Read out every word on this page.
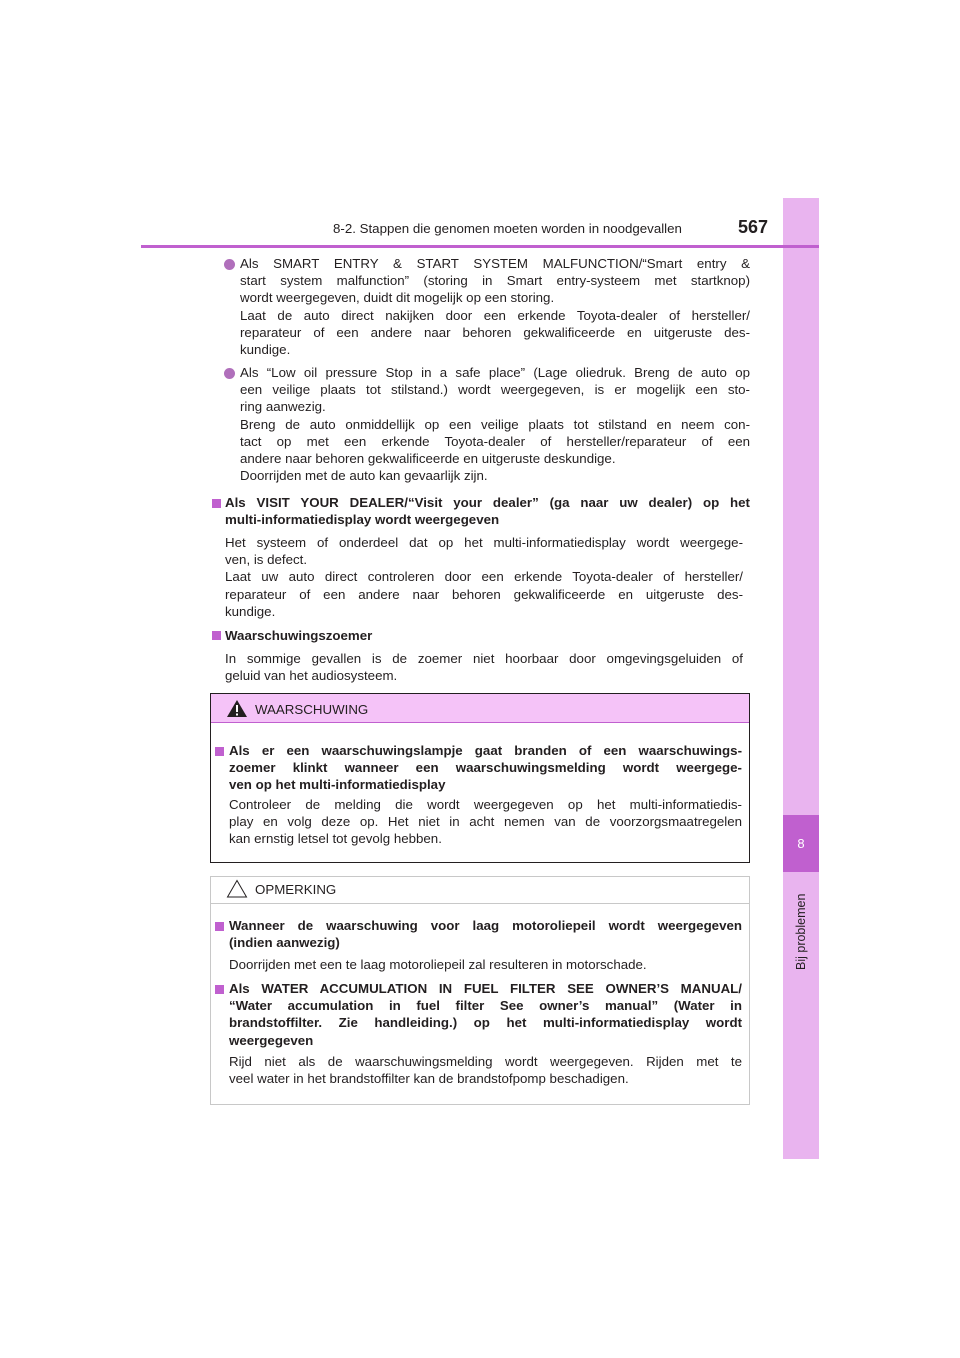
8
Bij problemen
8-2. Stappen die genomen moeten worden in noodgevallen	567
Als SMART ENTRY & START SYSTEM MALFUNCTION/“Smart entry &
start system malfunction” (storing in Smart entry-systeem met startknop)
wordt weergegeven, duidt dit mogelijk op een storing.
Laat de auto direct nakijken door een erkende Toyota-dealer of hersteller/
reparateur of een andere naar behoren gekwalificeerde en uitgeruste des-
kundige.
Als “Low oil pressure Stop in a safe place” (Lage oliedruk. Breng de auto op
een veilige plaats tot stilstand.) wordt weergegeven, is er mogelijk een sto-
ring aanwezig.
Breng de auto onmiddellijk op een veilige plaats tot stilstand en neem con-
tact op met een erkende Toyota-dealer of hersteller/reparateur of een
andere naar behoren gekwalificeerde en uitgeruste deskundige.
Doorrijden met de auto kan gevaarlijk zijn.
Als VISIT YOUR DEALER/“Visit your dealer” (ga naar uw dealer) op het
multi-informatiedisplay wordt weergegeven
Het systeem of onderdeel dat op het multi-informatiedisplay wordt weergege-
ven, is defect.
Laat uw auto direct controleren door een erkende Toyota-dealer of hersteller/
reparateur of een andere naar behoren gekwalificeerde en uitgeruste des-
kundige.
Waarschuwingszoemer
In sommige gevallen is de zoemer niet hoorbaar door omgevingsgeluiden of
geluid van het audiosysteem.
WAARSCHUWING
Als er een waarschuwingslampje gaat branden of een waarschuwings-
zoemer klinkt wanneer een waarschuwingsmelding wordt weergege-
ven op het multi-informatiedisplay
Controleer de melding die wordt weergegeven op het multi-informatiedis-
play en volg deze op. Het niet in acht nemen van de voorzorgsmaatregelen
kan ernstig letsel tot gevolg hebben.
OPMERKING
Wanneer de waarschuwing voor laag motoroliepeil wordt weergegeven
(indien aanwezig)
Doorrijden met een te laag motoroliepeil zal resulteren in motorschade.
Als WATER ACCUMULATION IN FUEL FILTER SEE OWNER’S MANUAL/
“Water accumulation in fuel filter See owner’s manual” (Water in
brandstoffilter. Zie handleiding.) op het multi-informatiedisplay wordt
weergegeven
Rijd niet als de waarschuwingsmelding wordt weergegeven. Rijden met te
veel water in het brandstoffilter kan de brandstofpomp beschadigen.
